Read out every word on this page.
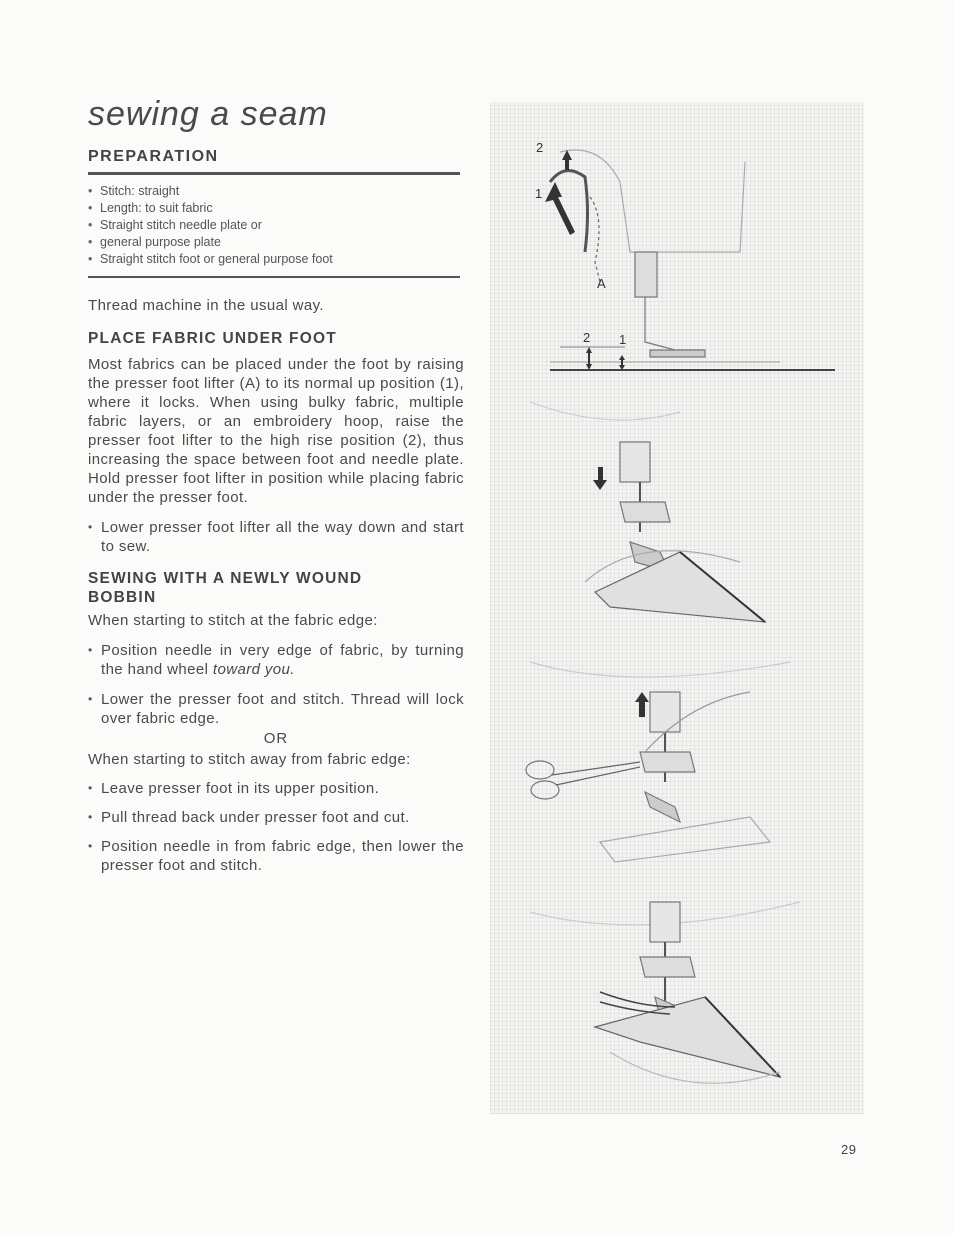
sewing a seam
PREPARATION
• Stitch: straight
• Length: to suit fabric
• Straight stitch needle plate or
• general purpose plate
• Straight stitch foot or general purpose foot

Thread machine in the usual way.

PLACE FABRIC UNDER FOOT

Most fabrics can be placed under the foot by raising the presser foot lifter (A) to its normal up position (1), where it locks. When using bulky fabric, multiple fabric layers, or an embroidery hoop, raise the presser foot lifter to the high rise position (2), thus increasing the space between foot and needle plate. Hold presser foot lifter in position while placing fabric under the presser foot.

• Lower presser foot lifter all the way down and start to sew.

SEWING WITH A NEWLY WOUND
BOBBIN

When starting to stitch at the fabric edge:

• Position needle in very edge of fabric, by turning the hand wheel toward you.

• Lower the presser foot and stitch. Thread will lock over fabric edge.

OR

When starting to stitch away from fabric edge:

• Leave presser foot in its upper position.

• Pull thread back under presser foot and cut.

• Position needle in from fabric edge, then lower the presser foot and stitch.

2
1
A
2 1
29
